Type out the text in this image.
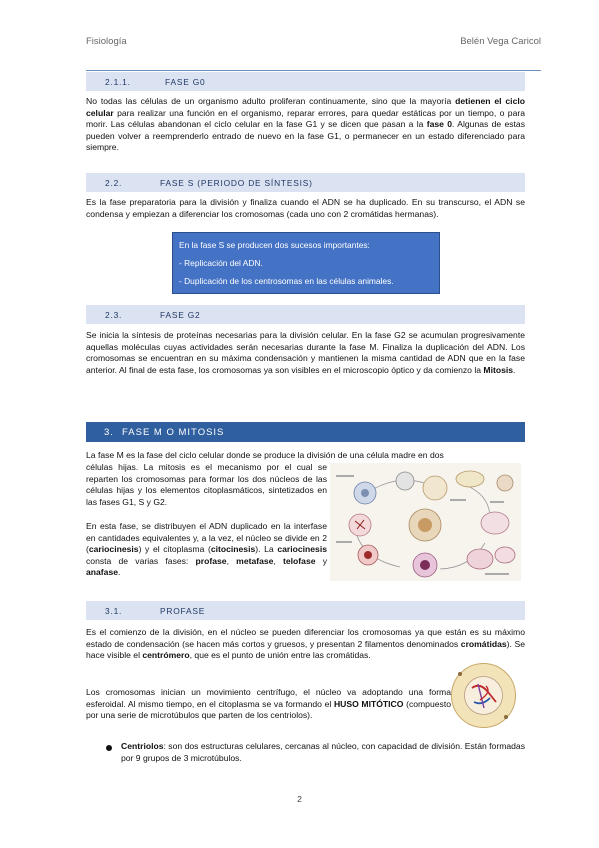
Fisiología	Belén Vega Caricol
2.1.1.	FASE G0
No todas las células de un organismo adulto proliferan continuamente, sino que la mayoría detienen el ciclo celular para realizar una función en el organismo, reparar errores, para quedar estáticas por un tiempo, o para morir. Las células abandonan el ciclo celular en la fase G1 y se dicen que pasan a la fase 0. Algunas de estas pueden volver a reemprenderlo entrado de nuevo en la fase G1, o permanecer en un estado diferenciado para siempre.
2.2.	FASE S (PERIODO DE SÍNTESIS)
Es la fase preparatoria para la división y finaliza cuando el ADN se ha duplicado. En su transcurso, el ADN se condensa y empiezan a diferenciar los cromosomas (cada uno con 2 cromátidas hermanas).
En la fase S se producen dos sucesos importantes:
- Replicación del ADN.
- Duplicación de los centrosomas en las células animales.
2.3.	FASE G2
Se inicia la síntesis de proteínas necesarias para la división celular. En la fase G2 se acumulan progresivamente aquellas moléculas cuyas actividades serán necesarias durante la fase M. Finaliza la duplicación del ADN. Los cromosomas se encuentran en su máxima condensación y mantienen la misma cantidad de ADN que en la fase anterior. Al final de esta fase, los cromosomas ya son visibles en el microscopio óptico y da comienzo la Mitosis.
3. FASE M O MITOSIS
La fase M es la fase del ciclo celular donde se produce la división de una célula madre en dos
células hijas. La mitosis es el mecanismo por el cual se reparten los cromosomas para formar los dos núcleos de las células hijas y los elementos citoplasmáticos, sintetizados en las fases G1, S y G2.
En esta fase, se distribuyen el ADN duplicado en la interfase en cantidades equivalentes y, a la vez, el núcleo se divide en 2 (cariocinesis) y el citoplasma (citocinesis). La cariocinesis consta de varias fases: profase, metafase, telofase y anafase.
3.1.	PROFASE
Es el comienzo de la división, en el núcleo se pueden diferenciar los cromosomas ya que están es su máximo estado de condensación (se hacen más cortos y gruesos, y presentan 2 filamentos denominados cromátidas). Se hace visible el centrómero, que es el punto de unión entre las cromátidas.
Los cromosomas inician un movimiento centrífugo, el núcleo va adoptando una forma esferoidal. Al mismo tiempo, en el citoplasma se va formando el HUSO MITÓTICO (compuesto por una serie de microtúbulos que parten de los centriolos).
Centriolos: son dos estructuras celulares, cercanas al núcleo, con capacidad de división. Están formadas por 9 grupos de 3 microtúbulos.
2
